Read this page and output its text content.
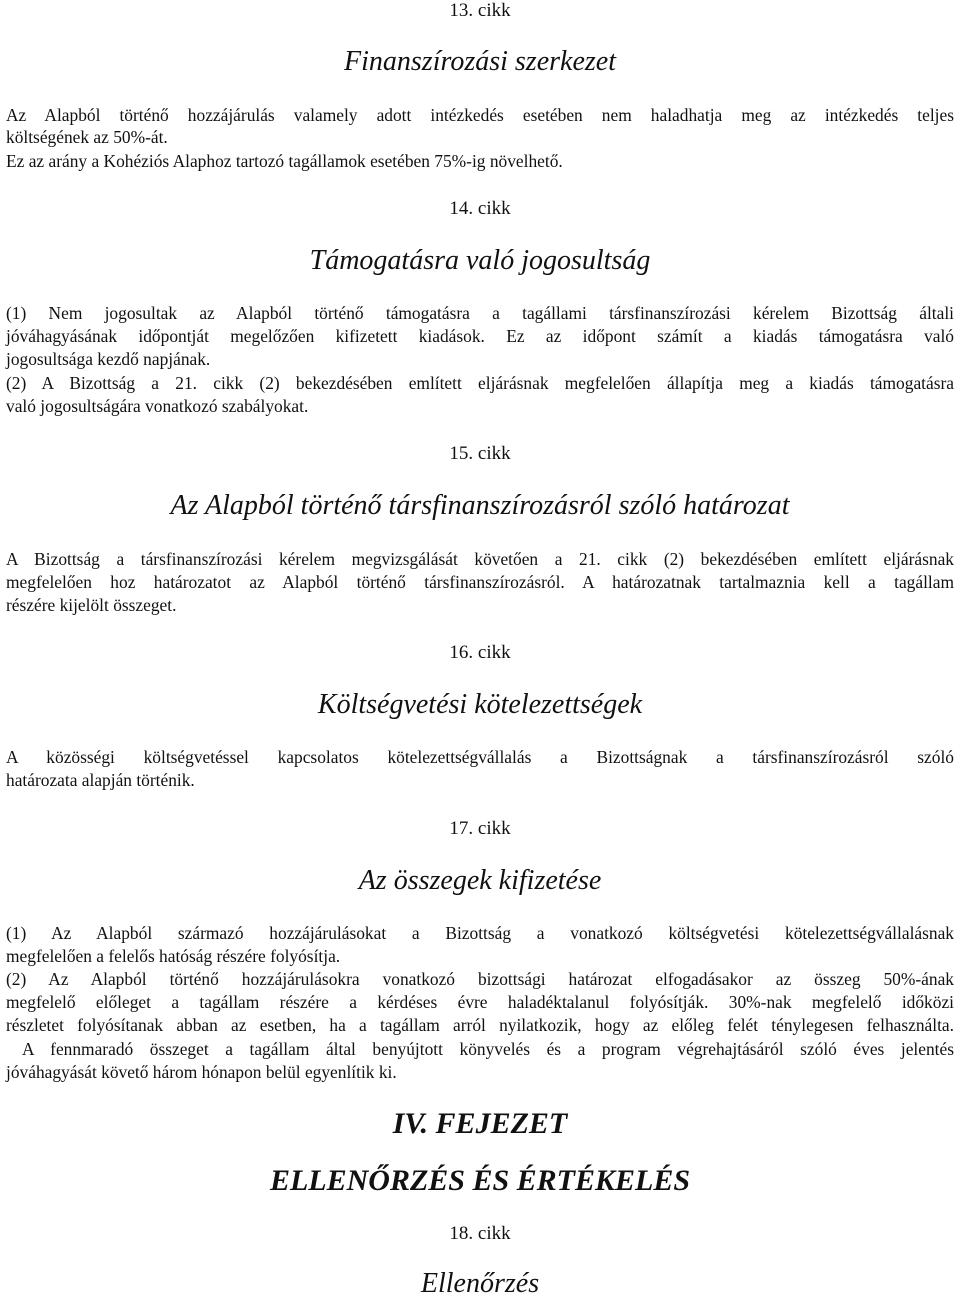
13. cikk
Finanszírozási szerkezet
Az Alapból történő hozzájárulás valamely adott intézkedés esetében nem haladhatja meg az intézkedés teljes
költségének az 50%-át.
Ez az arány a Kohéziós Alaphoz tartozó tagállamok esetében 75%-ig növelhető.
14. cikk
Támogatásra való jogosultság
(1) Nem jogosultak az Alapból történő támogatásra a tagállami társfinanszírozási kérelem Bizottság általi
jóváhagyásának időpontját megelőzően kifizetett kiadások. Ez az időpont számít a kiadás támogatásra való
jogosultsága kezdő napjának.
(2) A Bizottság a 21. cikk (2) bekezdésében említett eljárásnak megfelelően állapítja meg a kiadás támogatásra
való jogosultságára vonatkozó szabályokat.
15. cikk
Az Alapból történő társfinanszírozásról szóló határozat
A Bizottság a társfinanszírozási kérelem megvizsgálását követően a 21. cikk (2) bekezdésében említett eljárásnak
megfelelően hoz határozatot az Alapból történő társfinanszírozásról. A határozatnak tartalmaznia kell a tagállam
részére kijelölt összeget.
16. cikk
Költségvetési kötelezettségek
A közösségi költségvetéssel kapcsolatos kötelezettségvállalás a Bizottságnak a társfinanszírozásról szóló
határozata alapján történik.
17. cikk
Az összegek kifizetése
(1) Az Alapból származó hozzájárulásokat a Bizottság a vonatkozó költségvetési kötelezettségvállalásnak
megfelelően a felelős hatóság részére folyósítja.
(2) Az Alapból történő hozzájárulásokra vonatkozó bizottsági határozat elfogadásakor az összeg 50%-ának
megfelelő előleget a tagállam részére a kérdéses évre haladéktalanul folyósítják. 30%-nak megfelelő időközi
részletet folyósítanak abban az esetben, ha a tagállam arról nyilatkozik, hogy az előleg felét ténylegesen felhasználta.
A fennmaradó összeget a tagállam által benyújtott könyvelés és a program végrehajtásáról szóló éves jelentés
jóváhagyását követő három hónapon belül egyenlítik ki.
IV. FEJEZET
ELLENŐRZÉS ÉS ÉRTÉKELÉS
18. cikk
Ellenőrzés
